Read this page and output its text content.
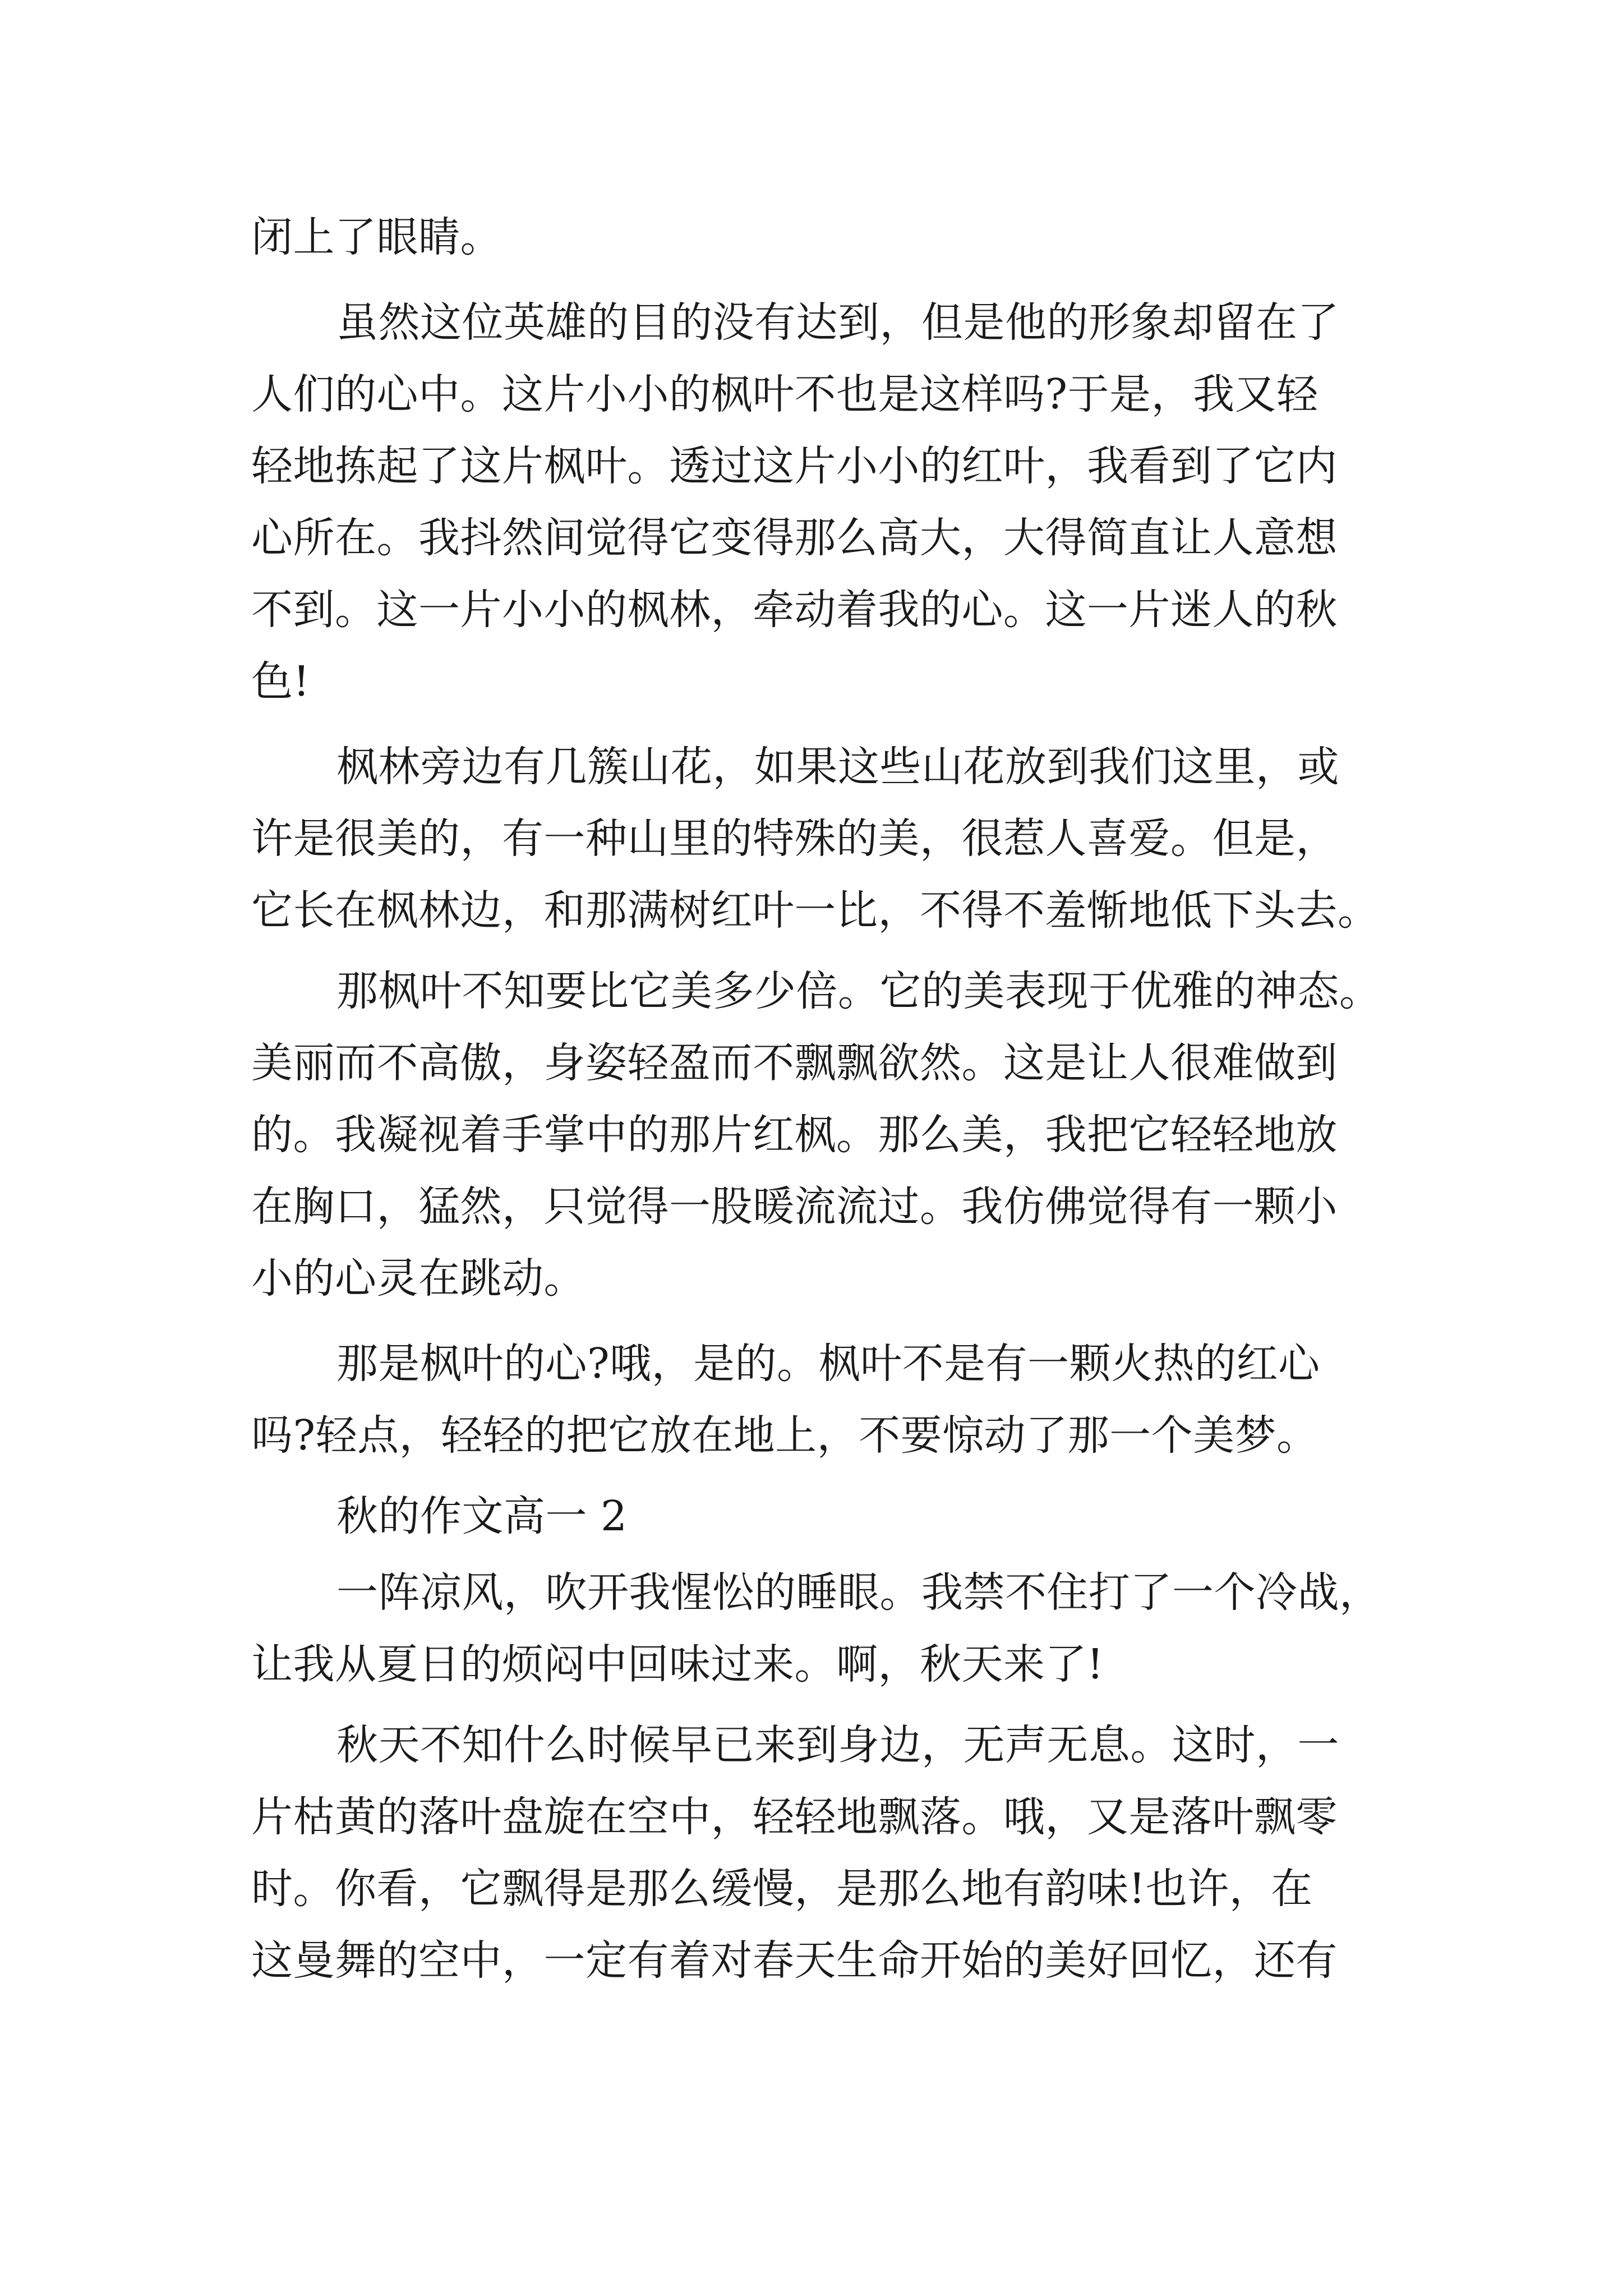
闭上了眼睛。
虽然这位英雄的目的没有达到，但是他的形象却留在了
人们的心中。这片小小的枫叶不也是这样吗?于是，我又轻
轻地拣起了这片枫叶。透过这片小小的红叶，我看到了它内
心所在。我抖然间觉得它变得那么高大，大得简直让人意想
不到。这一片小小的枫林，牵动着我的心。这一片迷人的秋
色!
枫林旁边有几簇山花，如果这些山花放到我们这里，或
许是很美的，有一种山里的特殊的美，很惹人喜爱。但是，
它长在枫林边，和那满树红叶一比，不得不羞惭地低下头去。
那枫叶不知要比它美多少倍。它的美表现于优雅的神态。
美丽而不高傲，身姿轻盈而不飘飘欲然。这是让人很难做到
的。我凝视着手掌中的那片红枫。那么美，我把它轻轻地放
在胸口，猛然，只觉得一股暖流流过。我仿佛觉得有一颗小
小的心灵在跳动。
那是枫叶的心?哦，是的。枫叶不是有一颗火热的红心
吗?轻点，轻轻的把它放在地上，不要惊动了那一个美梦。
秋的作文高一 2
一阵凉风，吹开我惺忪的睡眼。我禁不住打了一个冷战，
让我从夏日的烦闷中回味过来。啊，秋天来了!
秋天不知什么时候早已来到身边，无声无息。这时，一
片枯黄的落叶盘旋在空中，轻轻地飘落。哦，又是落叶飘零
时。你看，它飘得是那么缓慢，是那么地有韵味!也许，在
这曼舞的空中，一定有着对春天生命开始的美好回忆，还有
